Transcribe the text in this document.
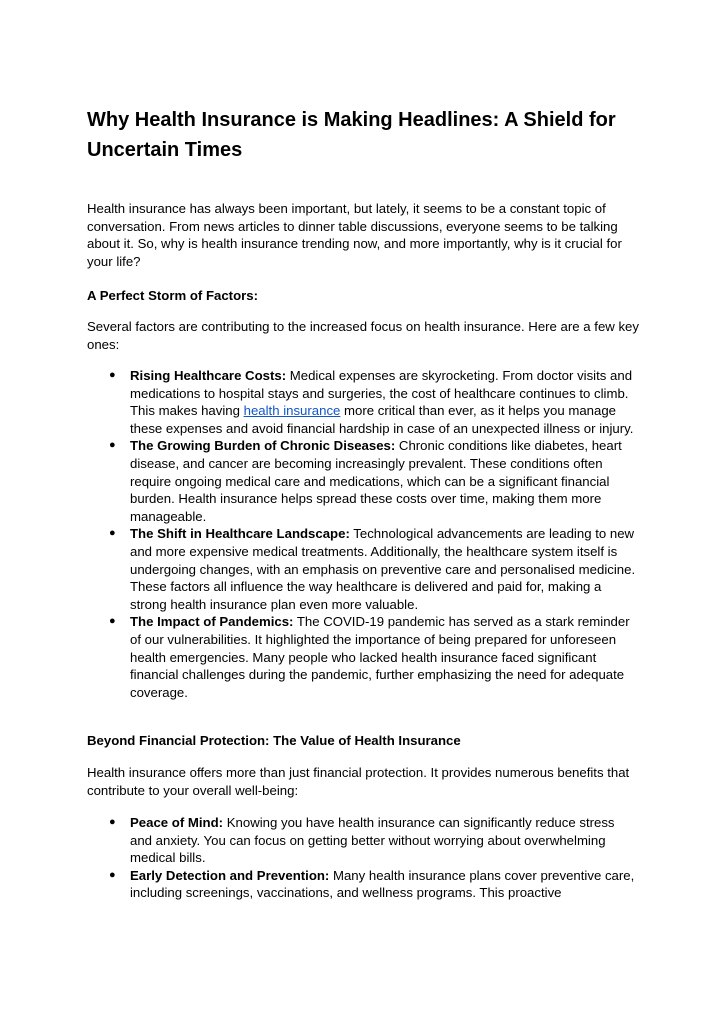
Why Health Insurance is Making Headlines: A Shield for Uncertain Times

Health insurance has always been important, but lately, it seems to be a constant topic of conversation. From news articles to dinner table discussions, everyone seems to be talking about it. So, why is health insurance trending now, and more importantly, why is it crucial for your life?

A Perfect Storm of Factors:

Several factors are contributing to the increased focus on health insurance. Here are a few key ones:

● Rising Healthcare Costs: Medical expenses are skyrocketing. From doctor visits and medications to hospital stays and surgeries, the cost of healthcare continues to climb. This makes having health insurance more critical than ever, as it helps you manage these expenses and avoid financial hardship in case of an unexpected illness or injury.
● The Growing Burden of Chronic Diseases: Chronic conditions like diabetes, heart disease, and cancer are becoming increasingly prevalent. These conditions often require ongoing medical care and medications, which can be a significant financial burden. Health insurance helps spread these costs over time, making them more manageable.
● The Shift in Healthcare Landscape: Technological advancements are leading to new and more expensive medical treatments. Additionally, the healthcare system itself is undergoing changes, with an emphasis on preventive care and personalised medicine. These factors all influence the way healthcare is delivered and paid for, making a strong health insurance plan even more valuable.
● The Impact of Pandemics: The COVID-19 pandemic has served as a stark reminder of our vulnerabilities. It highlighted the importance of being prepared for unforeseen health emergencies. Many people who lacked health insurance faced significant financial challenges during the pandemic, further emphasizing the need for adequate coverage.

Beyond Financial Protection: The Value of Health Insurance

Health insurance offers more than just financial protection. It provides numerous benefits that contribute to your overall well-being:

● Peace of Mind: Knowing you have health insurance can significantly reduce stress and anxiety. You can focus on getting better without worrying about overwhelming medical bills.
● Early Detection and Prevention: Many health insurance plans cover preventive care, including screenings, vaccinations, and wellness programs. This proactive
